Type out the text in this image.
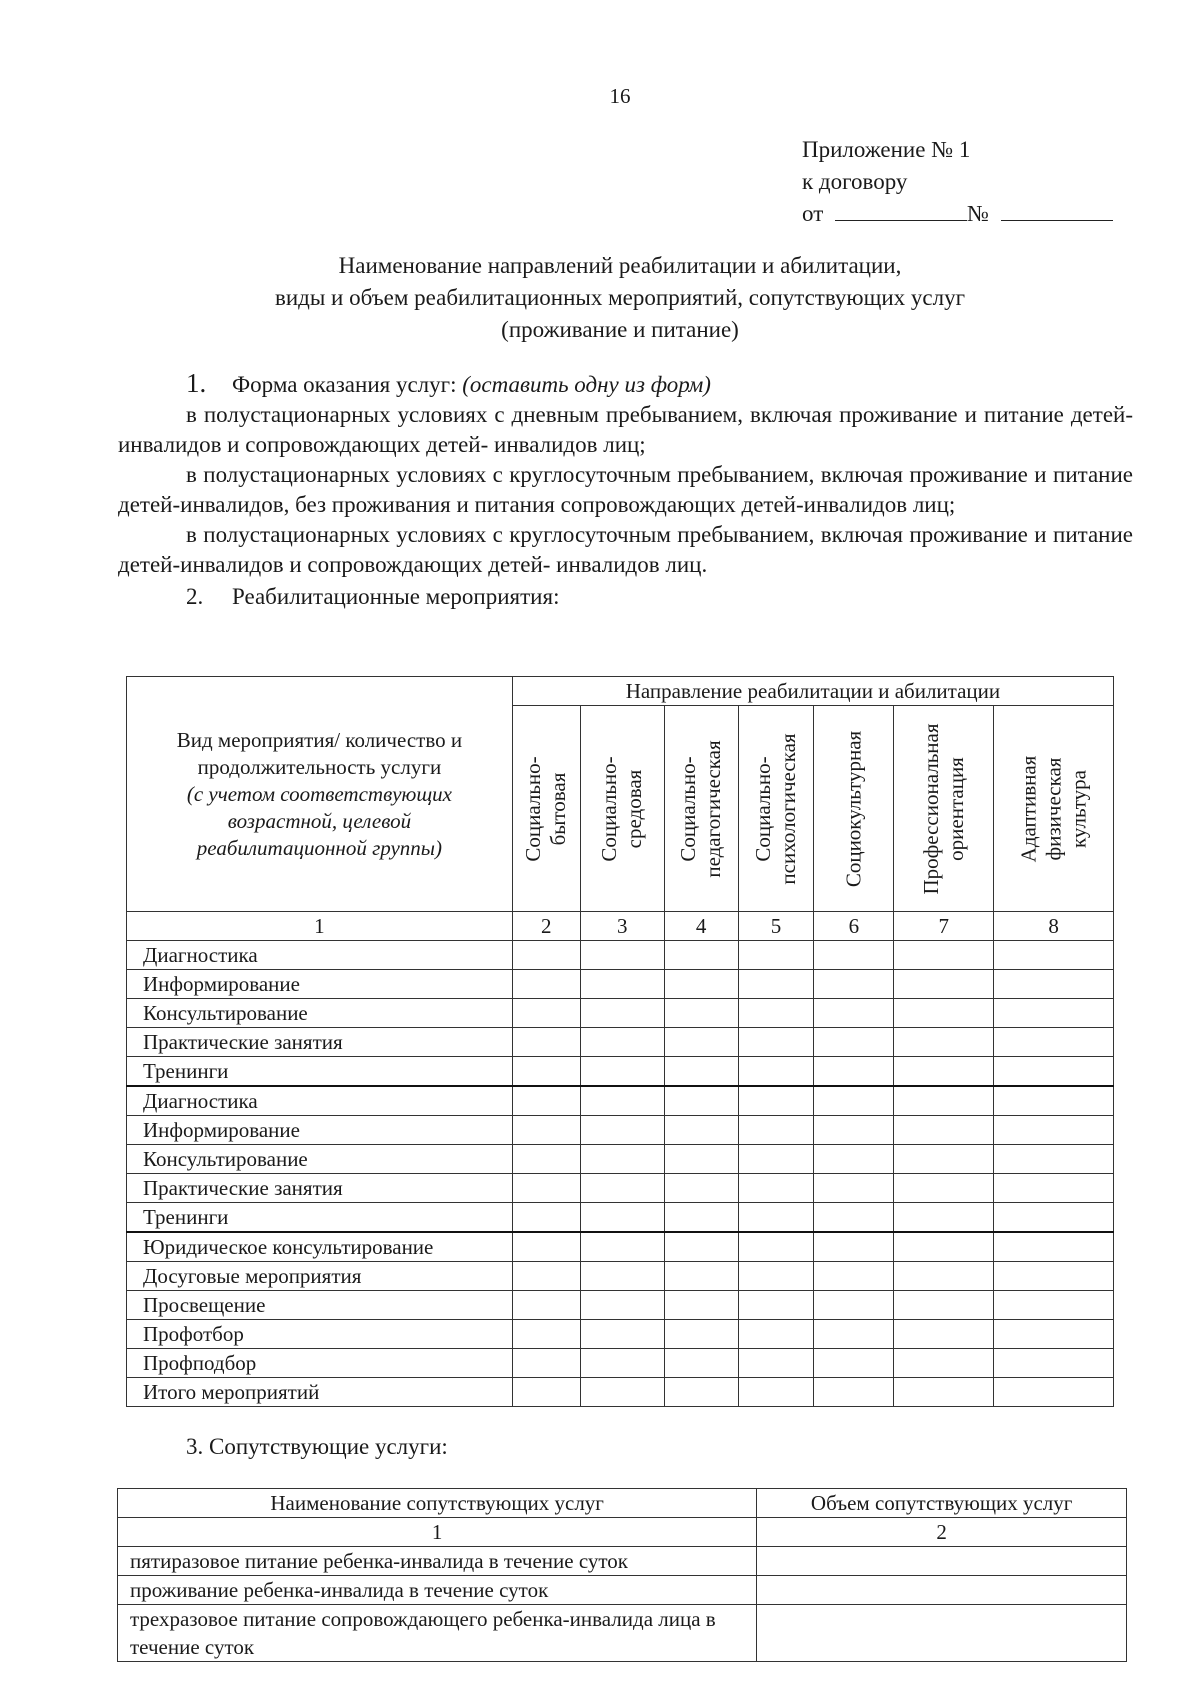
16
Приложение № 1
к договору
от	№
Наименование направлений реабилитации и абилитации,
виды и объем реабилитационных мероприятий, сопутствующих услуг
(проживание и питание)

1. Форма оказания услуг: (оставить одну из форм)

в полустационарных условиях с дневным пребыванием, включая проживание и питание детей-инвалидов и сопровождающих детей- инвалидов лиц;

в полустационарных условиях с круглосуточным пребыванием, включая проживание и питание детей-инвалидов, без проживания и питания сопровождающих детей-инвалидов лиц;

в полустационарных условиях с круглосуточным пребыванием, включая проживание и питание детей-инвалидов и сопровождающих детей- инвалидов лиц.

2. Реабилитационные мероприятия:

Вид мероприятия/ количество и
продолжительность услуги
(с учетом соответствующих
возрастной, целевой
реабилитационной группы)	Направление реабилитации и абилитации						

	Социально- бытовая	Социально- средовая	Социально- педагогическая	Социально- психологическая	Социокультурная	Профессиональная ориентация	Адаптивная физическая культура

1	2	3	4	5	6	7	8
Диагностика							
Информирование							
Консультирование							
Практические занятия							
Тренинги							
Диагностика							
Информирование							
Консультирование							
Практические занятия							
Тренинги							
Юридическое консультирование							
Досуговые мероприятия							
Просвещение							
Профотбор							
Профподбор							
Итого мероприятий							
3. Сопутствующие услуги:
Наименование сопутствующих услуг	Объем сопутствующих услуг
1	2
пятиразовое питание ребенка-инвалида в течение суток	
проживание ребенка-инвалида в течение суток	
трехразовое питание сопровождающего ребенка-инвалида лица в течение суток	
